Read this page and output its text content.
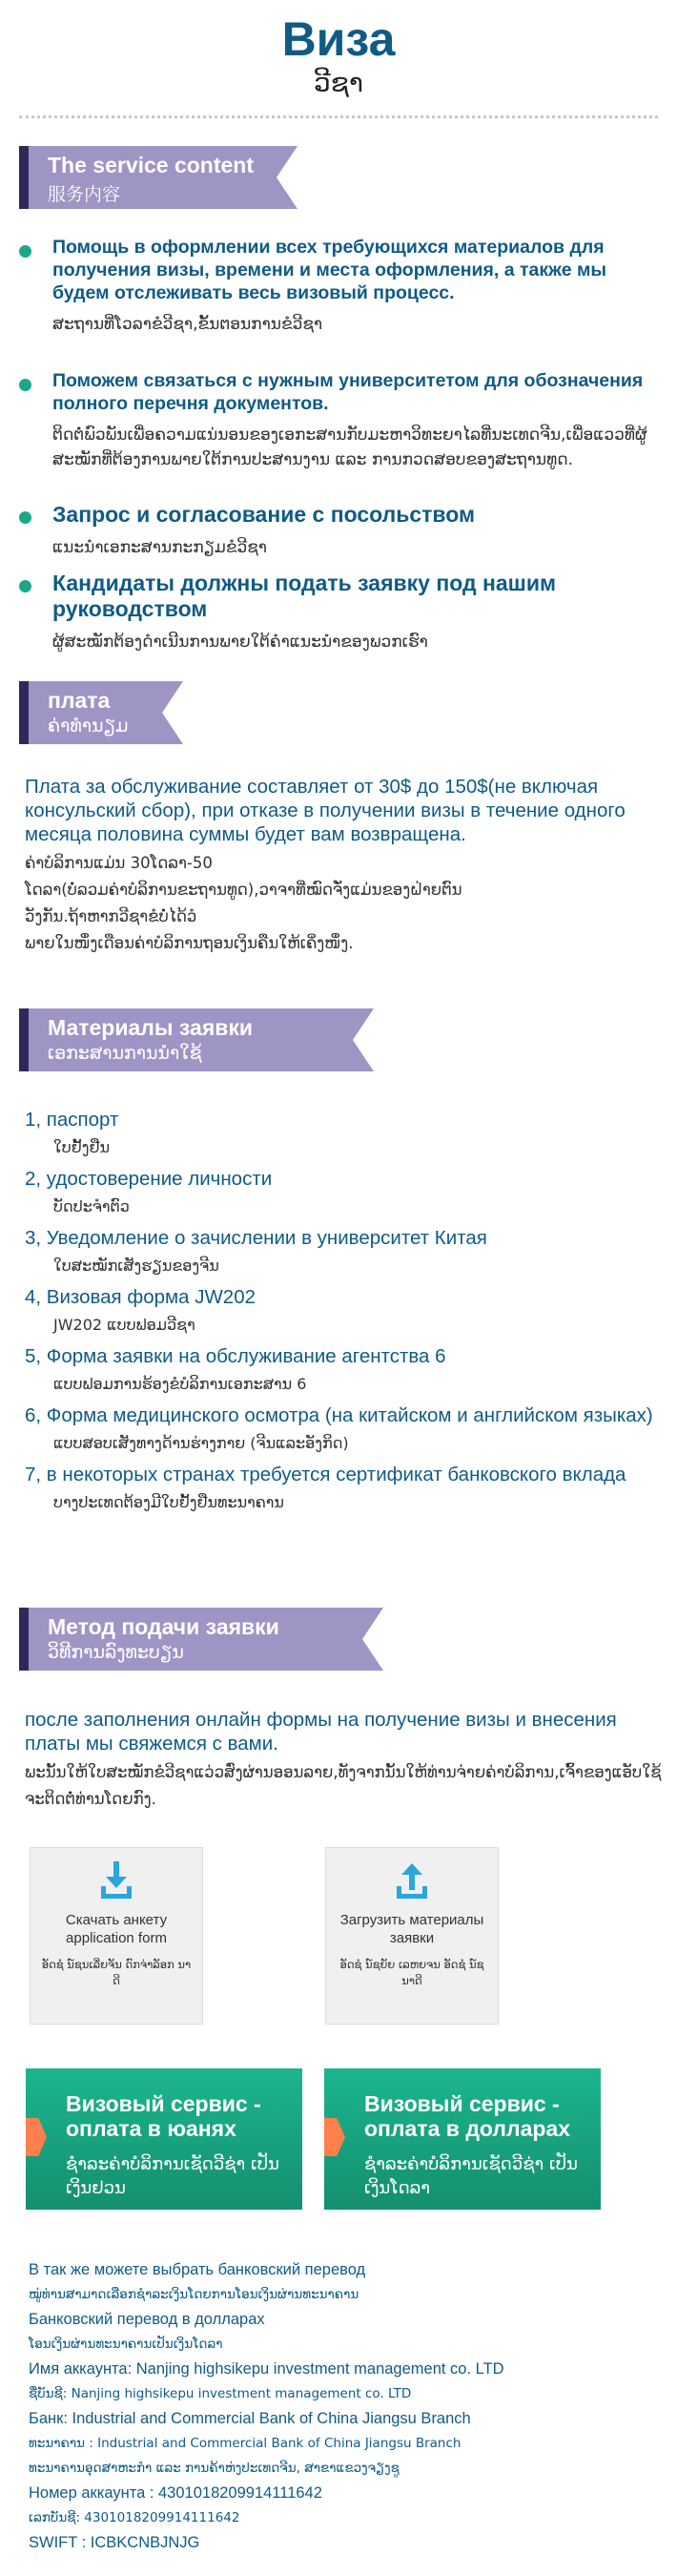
Виза
ວີຊາ
The service content
服务内容
Помощь в оформлении всех требующихся материалов для получения визы, времени и места оформления, а также мы будем отслеживать весь визовый процесс.
ສະຖານທີ່ໂວລາຂໍວີຊາ,ຂັ້ນຕອນການຂໍວີຊາ
Поможем связаться с нужным университетом для обозначения полного перечня документов.
ຕິດຕໍ່ພົວພັນເພື່ອຄວາມແນ່ນອນຂອງເອກະສານກັບມະຫາວິທະຍາໄລທີ່ນະເທດຈີນ,ເພື່ອແວວທີ່ຜູ້ສະໝັກທີ່ຕ້ອງການພາຍໃຕ້ການປະສານງານ ແລະ ການກວດສອບຂອງສະຖານທູດ.
Запрос и согласование с посольством
ແນະນຳເອກະສານກະກຽມຂໍວີຊາ
Кандидаты должны подать заявку под нашим руководством
ຜູ້ສະໝັກຕ້ອງດຳເນີນການພາຍໃຕ້ຄຳແນະນຳຂອງພວກເຮົາ
плата
ຄ່າທຳນຽມ
Плата за обслуживание составляет от 30$ до 150$(не включая консульский сбор), при отказе в получении визы в течение одного месяца половина суммы будет вам возвращена.
ຄ່າບໍລິການແມ່ນ 30ໂດລາ-50
ໂດລາ(ບໍ່ລວມຄ່າບໍລິການຂະຖານທູດ),ວາຈາທີ່ໝົດຈັ່ງແມ່ນຂອງຝ່າຍຕົນ
ວັງກັນ.ຖ້າຫາກວີຊາຂໍບໍ່ໄດ້ວໍ
ພາຍໃນໜຶ່ງເດືອນຄ່າບໍລິການຖອນເງິນຄືນໃຫ້ເຄິ່ງໜຶ່ງ.
Материалы заявки
ເອກະສານການນຳໃຊ້
1, паспорт
ໃບຢັ້ງຢືນ
2, удостоверение личности
ບັດປະຈຳຕົວ
3, Уведомление о зачислении в университет Китая
ໃບສະໝັກເສັງຮຽນຂອງຈີນ
4, Визовая форма JW202
JW202 ແບບຟອມວີຊາ
5, Форма заявки на обслуживание агентства 6
ແບບຟອມການຮ້ອງຂໍບໍລິການເອກະສານ 6
6, Форма медицинского осмотра (на китайском и английском языках)
ແບບສອບເສັງທາງດ້ານຮ່າງກາຍ (ຈີນແລະອັງກິດ)
7, в некоторых странах требуется сертификат банковского вклада
ບາງປະເທດຕ້ອງມີໃບຢັ້ງຢືນທະນາຄານ
Метод подачи заявки
ວິທີການລົງທະບຽນ
после заполнения онлайн формы на получение визы и внесения платы мы свяжемся с вами.
ພະນັ້ນໃຫ້ໃບສະໝັກຂໍວີຊາແວ່ວສົ່ງຜ່ານອອນລາຍ,ທັງຈາກນັ້ນໃຫ້ທ່ານຈ່າຍຄ່າບໍລິການ,ເຈົ້າຂອງແອັບໃຊ້ຈະຕິດຕໍ່ທ່ານໂດຍກົງ.
Скачать анкету application form
ອັດຊໍ ນ໌ຊນເລີ່ຍຈັນ ດົກຈ່າລັອກ ນາດີ
Загрузить материалы заявки
ອັດຊໍ ນ໌ຊຍັຍ ເລຫຍຈນ ອັດຊໍ ນ໌ຊ ນາດີ
Визовый сервис - оплата в юанях
ຊຳລະຄ່າບໍລິການເຊັດວີຊ່າ ເປັນເງິນຢວນ
Визовый сервис - оплата в долларах
ຊຳລະຄ່າບໍລິການເຊັດວີຊ່າ ເປັນເງິນໂດລາ
В так же можете выбрать банковский перевод
ໝູ່ທ່ານສາມາດເລືອກຊຳລະເງິນໂດຍການໂອນເງິນຜ່ານທະນາຄານ
Банковский перевод в долларах
ໂອນເງິນຜ່ານທະນາຄານເປັນເງິນໂດລາ
Имя аккаунта: Nanjing highsikepu investment management co. LTD
ຊື່ບັນຊີ: Nanjing highsikepu investment management co. LTD
Банк: Industrial and Commercial Bank of China Jiangsu Branch
ທະນາຄານ : Industrial and Commercial Bank of China Jiangsu Branch
ທະນາຄານອຸດສາຫະກຳ ແລະ ການຄ້າຫ່ງປະເທດຈີນ, ສາຂາແຂວງຈຽງຊູ
Номер аккаунта : 4301018209914111642
ເລກບັນຊີ: 4301018209914111642
SWIFT : ICBKCNBJNJG
